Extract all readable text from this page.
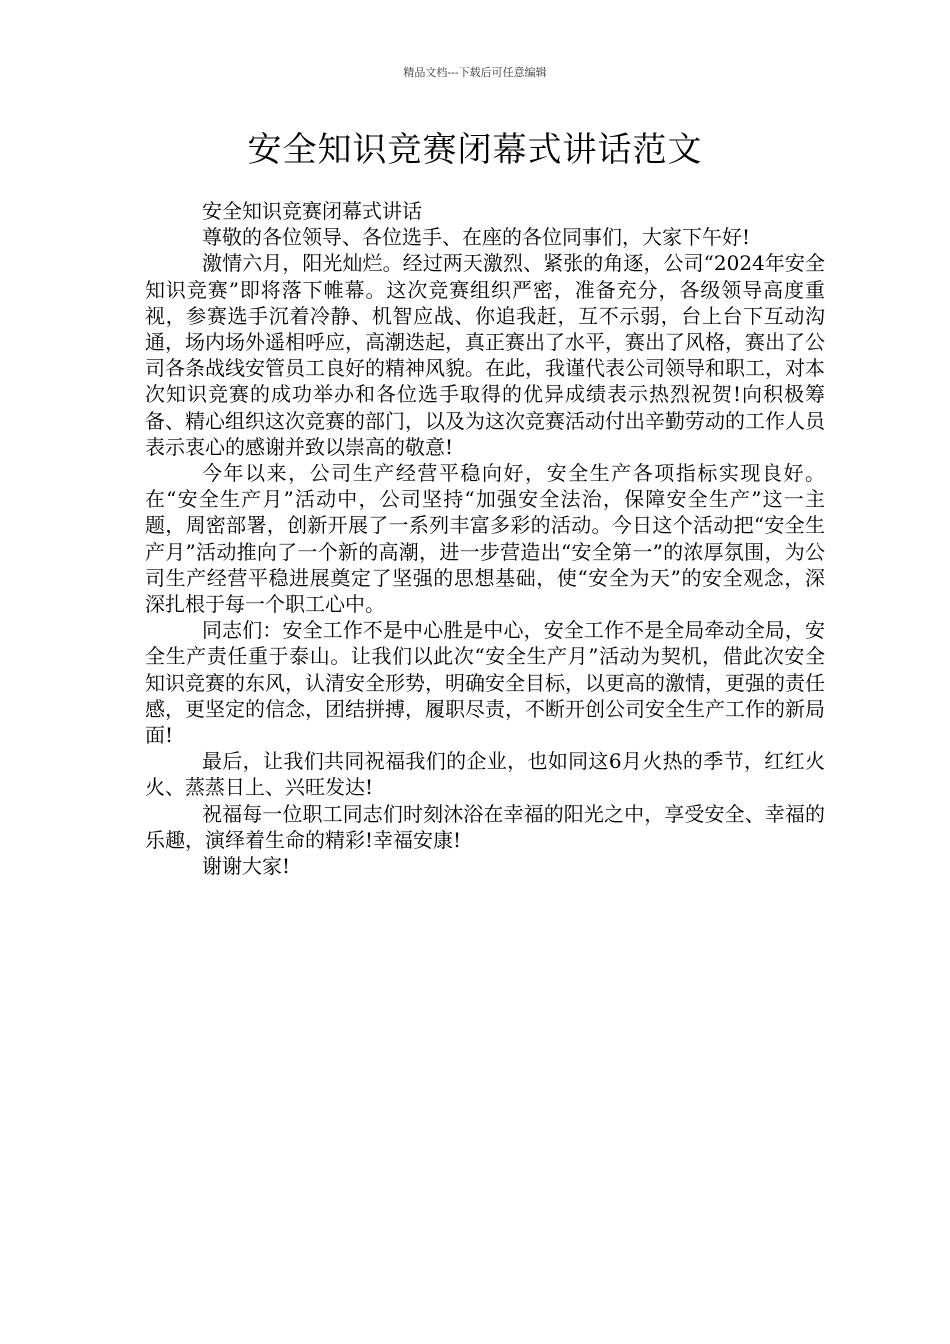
精品文档---下载后可任意编辑
安全知识竞赛闭幕式讲话范文

安全知识竞赛闭幕式讲话

尊敬的各位领导、各位选手、在座的各位同事们，大家下午好!

激情六月，阳光灿烂。经过两天激烈、紧张的角逐，公司“2024年安全知识竞赛”即将落下帷幕。这次竞赛组织严密，准备充分，各级领导高度重视，参赛选手沉着冷静、机智应战、你追我赶，互不示弱，台上台下互动沟通，场内场外遥相呼应，高潮迭起，真正赛出了水平，赛出了风格，赛出了公司各条战线安管员工良好的精神风貌。在此，我谨代表公司领导和职工，对本次知识竞赛的成功举办和各位选手取得的优异成绩表示热烈祝贺!向积极筹备、精心组织这次竞赛的部门，以及为这次竞赛活动付出辛勤劳动的工作人员表示衷心的感谢并致以崇高的敬意!

今年以来，公司生产经营平稳向好，安全生产各项指标实现良好。在“安全生产月”活动中，公司坚持“加强安全法治，保障安全生产”这一主题，周密部署，创新开展了一系列丰富多彩的活动。今日这个活动把“安全生产月”活动推向了一个新的高潮，进一步营造出“安全第一”的浓厚氛围，为公司生产经营平稳进展奠定了坚强的思想基础，使“安全为天”的安全观念，深深扎根于每一个职工心中。

同志们：安全工作不是中心胜是中心，安全工作不是全局牵动全局，安全生产责任重于泰山。让我们以此次“安全生产月”活动为契机，借此次安全知识竞赛的东风，认清安全形势，明确安全目标，以更高的激情，更强的责任感，更坚定的信念，团结拼搏，履职尽责，不断开创公司安全生产工作的新局面!

最后，让我们共同祝福我们的企业，也如同这6月火热的季节，红红火火、蒸蒸日上、兴旺发达!

祝福每一位职工同志们时刻沐浴在幸福的阳光之中，享受安全、幸福的乐趣，演绎着生命的精彩!幸福安康!

谢谢大家!
